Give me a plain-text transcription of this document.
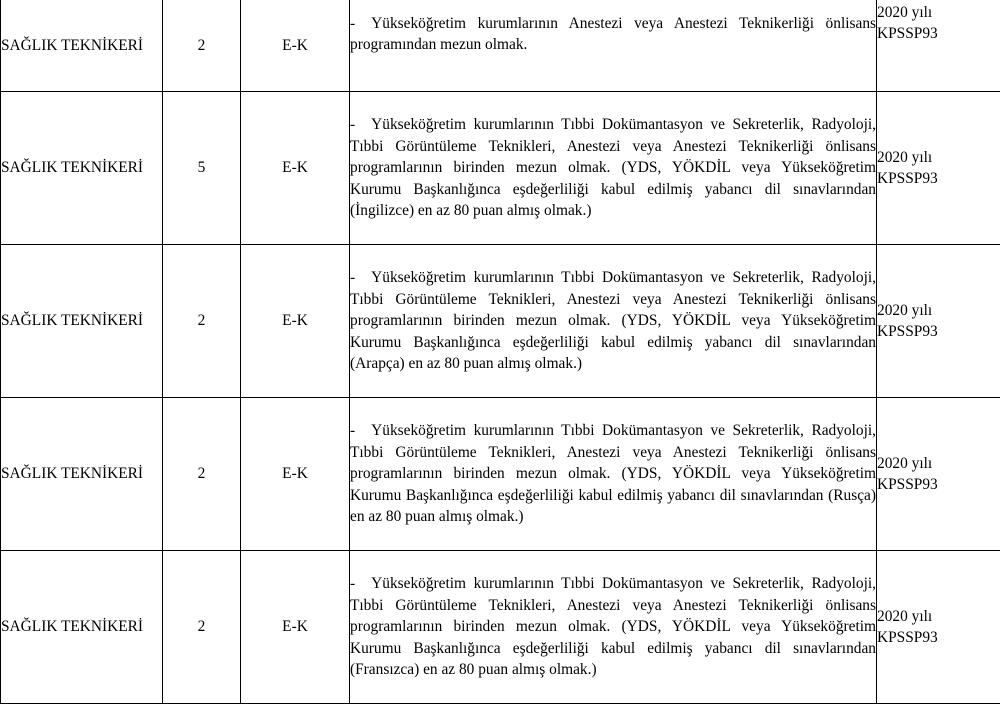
SAĞLIK TEKNİKERİ	2	E-K	- Yükseköğretim kurumlarının Anestezi veya Anestezi Teknikerliği önlisans programından mezun olmak.	2020 yılı
KPSSP93
SAĞLIK TEKNİKERİ	5	E-K	- Yükseköğretim kurumlarının Tıbbi Dokümantasyon ve Sekreterlik, Radyoloji, Tıbbi Görüntüleme Teknikleri, Anestezi veya Anestezi Teknikerliği önlisans programlarının birinden mezun olmak. (YDS, YÖKDİL veya Yükseköğretim Kurumu Başkanlığınca eşdeğerliliği kabul edilmiş yabancı dil sınavlarından (İngilizce) en az 80 puan almış olmak.)	2020 yılı
KPSSP93
SAĞLIK TEKNİKERİ	2	E-K	- Yükseköğretim kurumlarının Tıbbi Dokümantasyon ve Sekreterlik, Radyoloji, Tıbbi Görüntüleme Teknikleri, Anestezi veya Anestezi Teknikerliği önlisans programlarının birinden mezun olmak. (YDS, YÖKDİL veya Yükseköğretim Kurumu Başkanlığınca eşdeğerliliği kabul edilmiş yabancı dil sınavlarından (Arapça) en az 80 puan almış olmak.)	2020 yılı
KPSSP93
SAĞLIK TEKNİKERİ	2	E-K	- Yükseköğretim kurumlarının Tıbbi Dokümantasyon ve Sekreterlik, Radyoloji, Tıbbi Görüntüleme Teknikleri, Anestezi veya Anestezi Teknikerliği önlisans programlarının birinden mezun olmak. (YDS, YÖKDİL veya Yükseköğretim Kurumu Başkanlığınca eşdeğerliliği kabul edilmiş yabancı dil sınavlarından (Rusça) en az 80 puan almış olmak.)	2020 yılı
KPSSP93
SAĞLIK TEKNİKERİ	2	E-K	- Yükseköğretim kurumlarının Tıbbi Dokümantasyon ve Sekreterlik, Radyoloji, Tıbbi Görüntüleme Teknikleri, Anestezi veya Anestezi Teknikerliği önlisans programlarının birinden mezun olmak. (YDS, YÖKDİL veya Yükseköğretim Kurumu Başkanlığınca eşdeğerliliği kabul edilmiş yabancı dil sınavlarından (Fransızca) en az 80 puan almış olmak.)	2020 yılı
KPSSP93
